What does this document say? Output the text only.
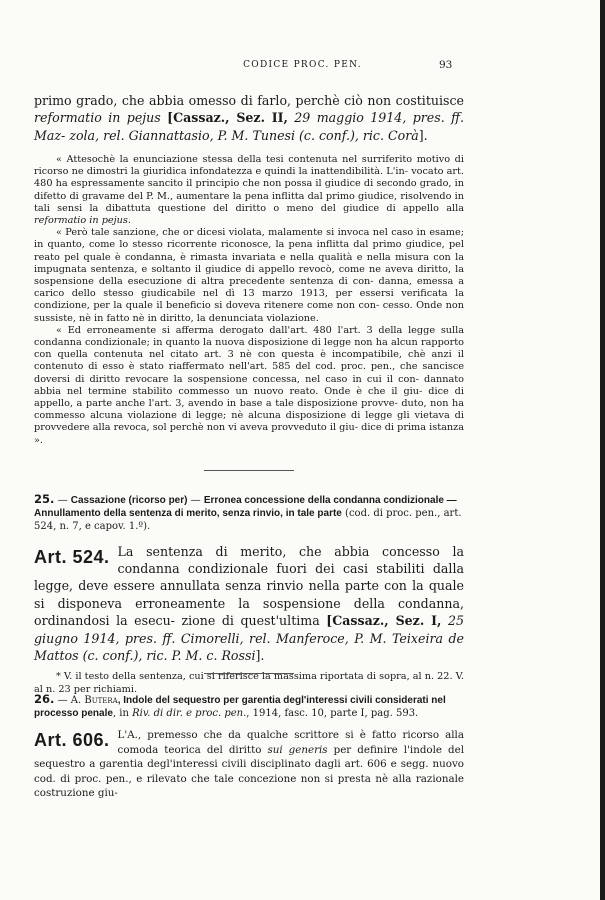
CODICE PROC. PEN.	93

primo grado, che abbia omesso di farlo, perchè ciò non costituisce reformatio in pejus [Cassaz., Sez. II, 29 maggio 1914, pres. ff. Maz- zola, rel. Giannattasio, P. M. Tunesi (c. conf.), ric. Corà].

« Attesochè la enunciazione stessa della tesi contenuta nel surriferito motivo di ricorso ne dimostri la giuridica infondatezza e quindi la inattendibilità. L'in- vocato art. 480 ha espressamente sancito il principio che non possa il giudice di secondo grado, in difetto di gravame del P. M., aumentare la pena inflitta dal primo giudice, risolvendo in tali sensi la dibattuta questione del diritto o meno del giudice di appello alla reformatio in pejus.

« Però tale sanzione, che or dicesi violata, malamente si invoca nel caso in esame; in quanto, come lo stesso ricorrente riconosce, la pena inflitta dal primo giudice, pel reato pel quale è condanna, è rimasta invariata e nella qualità e nella misura con la impugnata sentenza, e soltanto il giudice di appello revocò, come ne aveva diritto, la sospensione della esecuzione di altra precedente sentenza di con- danna, emessa a carico dello stesso giudicabile nel dì 13 marzo 1913, per essersi verificata la condizione, per la quale il beneficio si doveva ritenere come non con- cesso. Onde non sussiste, nè in fatto nè in diritto, la denunciata violazione.

« Ed erroneamente si afferma derogato dall'art. 480 l'art. 3 della legge sulla condanna condizionale; in quanto la nuova disposizione di legge non ha alcun rapporto con quella contenuta nel citato art. 3 nè con questa è incompatibile, chè anzi il contenuto di esso è stato riaffermato nell'art. 585 del cod. proc. pen., che sancisce doversi di diritto revocare la sospensione concessa, nel caso in cui il con- dannato abbia nel termine stabilito commesso un nuovo reato. Onde è che il giu- dice di appello, a parte anche l'art. 3, avendo in base a tale disposizione provve- duto, non ha commesso alcuna violazione di legge; nè alcuna disposizione di legge gli vietava di provvedere alla revoca, sol perchè non vi aveva provveduto il giu- dice di prima istanza ».

25. — Cassazione (ricorso per) — Erronea concessione della condanna condizionale — Annullamento della sentenza di merito, senza rinvio, in tale parte (cod. di proc. pen., art. 524, n. 7, e capov. 1.º).

Art. 524. La sentenza di merito, che abbia concesso la condanna condizionale fuori dei casi stabiliti dalla legge, deve essere annullata senza rinvio nella parte con la quale si disponeva erroneamente la sospensione della condanna, ordinandosi la esecu- zione di quest'ultima [Cassaz., Sez. I, 25 giugno 1914, pres. ff. Cimorelli, rel. Manferoce, P. M. Teixeira de Mattos (c. conf.), ric. P. M. c. Rossi].

* V. il testo della sentenza, cui si riferisce la massima riportata di sopra, al n. 22. V. al n. 23 per richiami.

26. — A. Butera, Indole del sequestro per garentia degl'interessi civili considerati nel processo penale, in Riv. di dir. e proc. pen., 1914, fasc. 10, parte I, pag. 593.

Art. 606. L'A., premesso che da qualche scrittore si è fatto ricorso alla comoda teorica del diritto sui generis per definire l'indole del sequestro a garentia degl'interessi civili disciplinato dagli art. 606 e segg. nuovo cod. di proc. pen., e rilevato che tale concezione non si presta nè alla razionale costruzione giu-
